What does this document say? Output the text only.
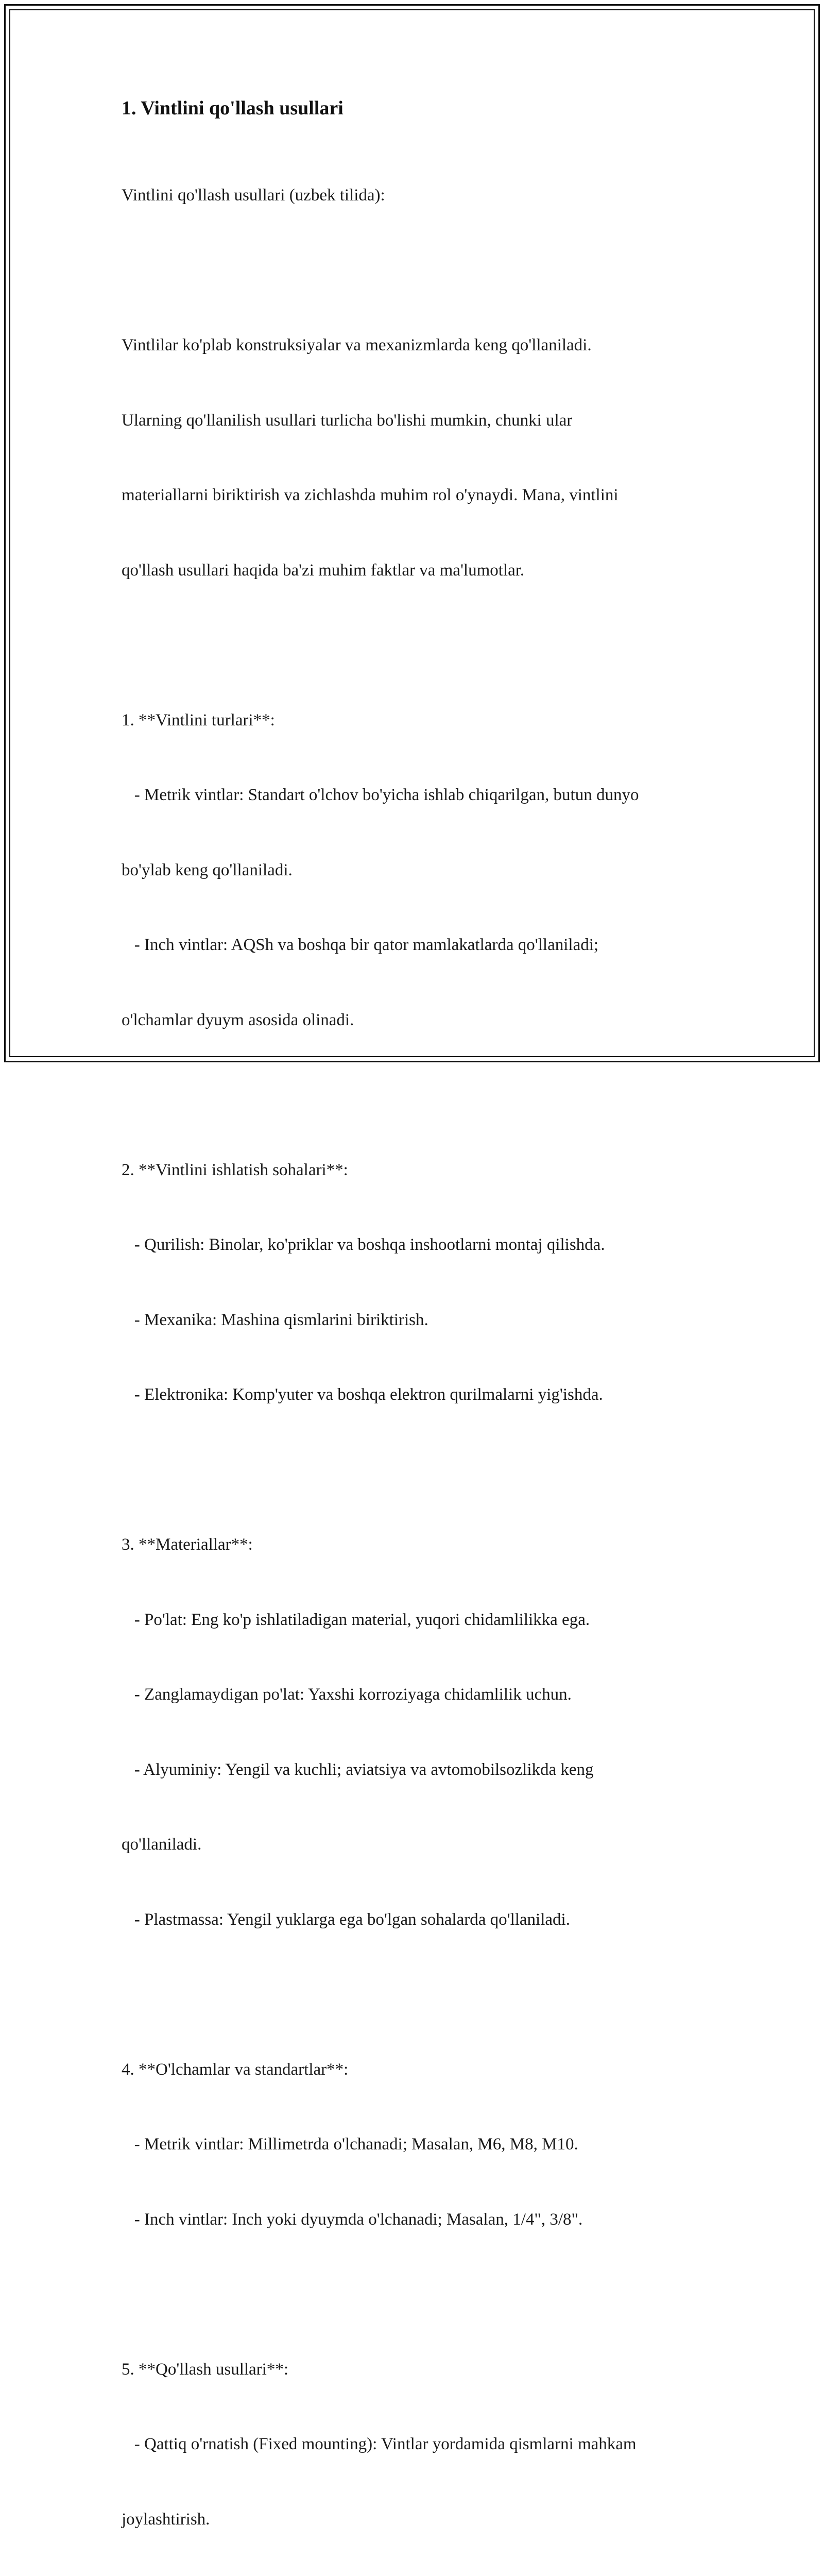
1. Vintlini qo'llash usullari

Vintlini qo'llash usullari (uzbek tilida):

Vintlilar ko'plab konstruksiyalar va mexanizmlarda keng qo'llaniladi.

Ularning qo'llanilish usullari turlicha bo'lishi mumkin, chunki ular

materiallarni biriktirish va zichlashda muhim rol o'ynaydi. Mana, vintlini

qo'llash usullari haqida ba'zi muhim faktlar va ma'lumotlar.

1. **Vintlini turlari**:

- Metrik vintlar: Standart o'lchov bo'yicha ishlab chiqarilgan, butun dunyo

bo'ylab keng qo'llaniladi.

- Inch vintlar: AQSh va boshqa bir qator mamlakatlarda qo'llaniladi;

o'lchamlar dyuym asosida olinadi.

2. **Vintlini ishlatish sohalari**:

- Qurilish: Binolar, ko'priklar va boshqa inshootlarni montaj qilishda.

- Mexanika: Mashina qismlarini biriktirish.

- Elektronika: Komp'yuter va boshqa elektron qurilmalarni yig'ishda.

3. **Materiallar**:

- Po'lat: Eng ko'p ishlatiladigan material, yuqori chidamlilikka ega.

- Zanglamaydigan po'lat: Yaxshi korroziyaga chidamlilik uchun.

- Alyuminiy: Yengil va kuchli; aviatsiya va avtomobilsozlikda keng

qo'llaniladi.

- Plastmassa: Yengil yuklarga ega bo'lgan sohalarda qo'llaniladi.

4. **O'lchamlar va standartlar**:

- Metrik vintlar: Millimetrda o'lchanadi; Masalan, M6, M8, M10.

- Inch vintlar: Inch yoki dyuymda o'lchanadi; Masalan, 1/4", 3/8".

5. **Qo'llash usullari**:

- Qattiq o'rnatish (Fixed mounting): Vintlar yordamida qismlarni mahkam

joylashtirish.
